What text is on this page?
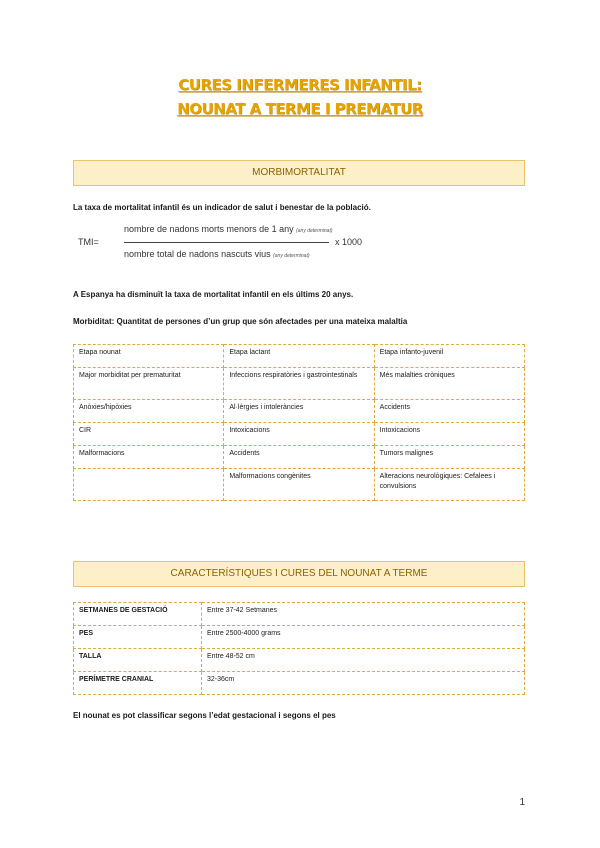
CURES INFERMERES INFANTIL:
NOUNAT A TERME I PREMATUR
MORBIMORTALITAT
La taxa de mortalitat infantil és un indicador de salut i benestar de la població.
TMI=
nombre de nadons morts menors de 1 any (any determinat)
x 1000
nombre total de nadons nascuts vius (any determinat)
A Espanya ha disminuït la taxa de mortalitat infantil en els últims 20 anys.
Morbiditat: Quantitat de persones d’un grup que són afectades per una mateixa malaltia
Etapa nounat	Etapa lactant	Etapa infanto-juvenil
Major morbiditat per prematuritat	Infeccions respiratòries i gastrointestinals	Més malalties cròniques
Anòxies/hipòxies	Al·lèrgies i intoleràncies	Accidents
CIR	Intoxicacions	Intoxicacions
Malformacions	Accidents	Tumors malignes
	Malformacions congènites	Alteracions neurològiques: Cefalees i convulsions
CARACTERÍSTIQUES I CURES DEL NOUNAT A TERME
SETMANES DE GESTACIÓ	Entre 37-42 Setmanes
PES	Entre 2500-4000 grams
TALLA	Entre 48-52 cm
PERÍMETRE CRANIAL	32-36cm
El nounat es pot classificar segons l’edat gestacional i segons el pes
1
